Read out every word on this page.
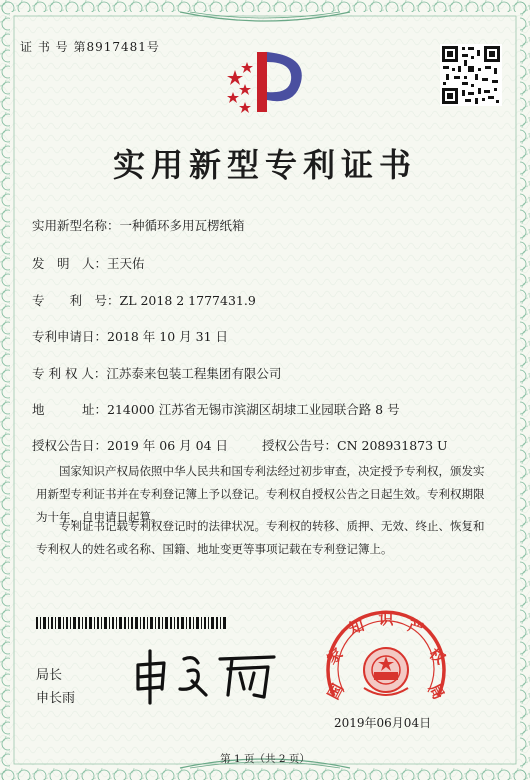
证 书 号 第8917481号
实用新型专利证书
实用新型名称：一种循环多用瓦楞纸箱
发　明　人：王天佑
专　　利　号：ZL 2018 2 1777431.9
专利申请日：2018 年 10 月 31 日
专 利 权 人：江苏泰来包装工程集团有限公司
地　　　址：214000 江苏省无锡市滨湖区胡埭工业园联合路 8 号
授权公告日：2019 年 06 月 04 日	授权公告号：CN 208931873 U
国家知识产权局依照中华人民共和国专利法经过初步审查，决定授予专利权，颁发实用新型专利证书并在专利登记簿上予以登记。专利权自授权公告之日起生效。专利权期限为十年，自申请日起算。
专利证书记载专利权登记时的法律状况。专利权的转移、质押、无效、终止、恢复和专利权人的姓名或名称、国籍、地址变更等事项记载在专利登记簿上。
局长
申长雨	国
家
知 识 产
权
局
2019年06月04日
第 1 页（共 2 页）
